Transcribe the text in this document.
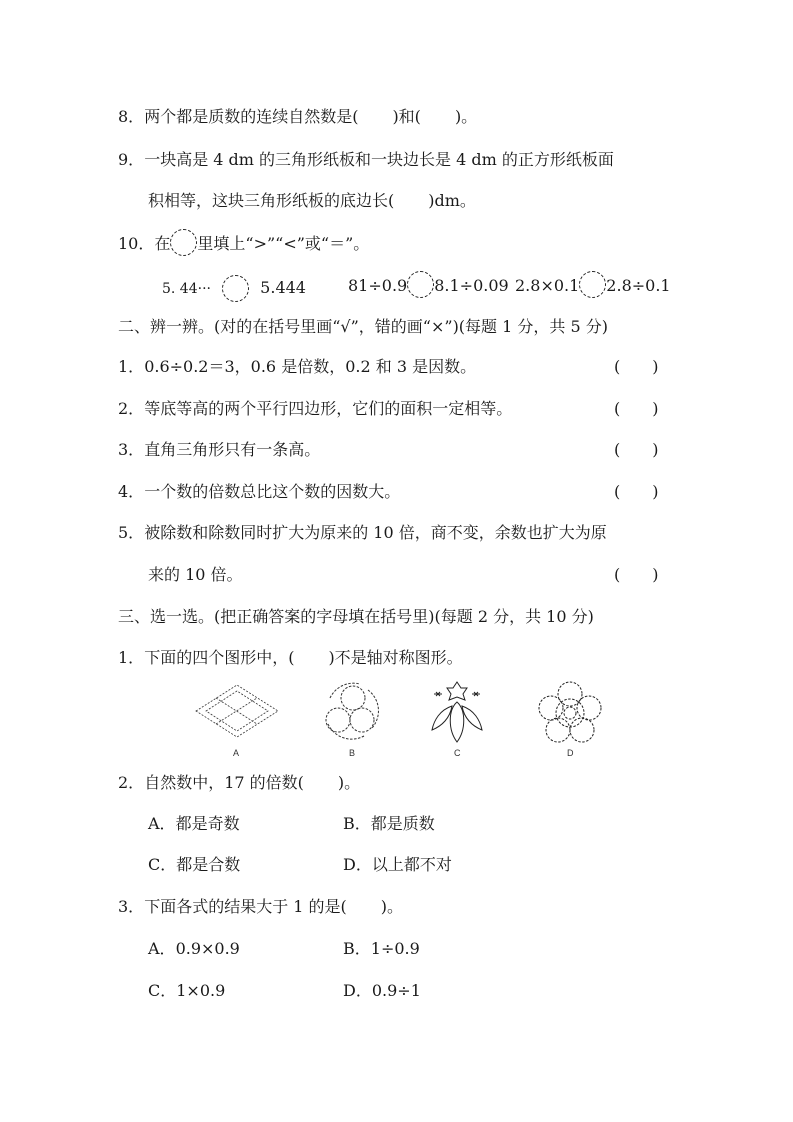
8．两个都是质数的连续自然数是( )和( )。
9．一块高是 4 dm 的三角形纸板和一块边长是 4 dm 的正方形纸板面
积相等，这块三角形纸板的底边长( )dm。
10．在 里填上“>”“<”或“＝”。
5. 44···	5.444	81÷0.9 8.1÷0.09 2.8×0.1 2.8÷0.1
二、辨一辨。(对的在括号里画“√”，错的画“×”)(每题 1 分，共 5 分)
1．0.6÷0.2＝3，0.6 是倍数，0.2 和 3 是因数。	(　　)
2．等底等高的两个平行四边形，它们的面积一定相等。	(　　)
3．直角三角形只有一条高。	(　　)
4．一个数的倍数总比这个数的因数大。	(　　)
5．被除数和除数同时扩大为原来的 10 倍，商不变，余数也扩大为原
来的 10 倍。	(　　)
三、选一选。(把正确答案的字母填在括号里)(每题 2 分，共 10 分)
1．下面的四个图形中，( )不是轴对称图形。
A	B	C	D
2．自然数中，17 的倍数( )。
A．都是奇数	B．都是质数
C．都是合数	D．以上都不对
3．下面各式的结果大于 1 的是( )。
A．0.9×0.9	B．1÷0.9
C．1×0.9	D．0.9÷1
